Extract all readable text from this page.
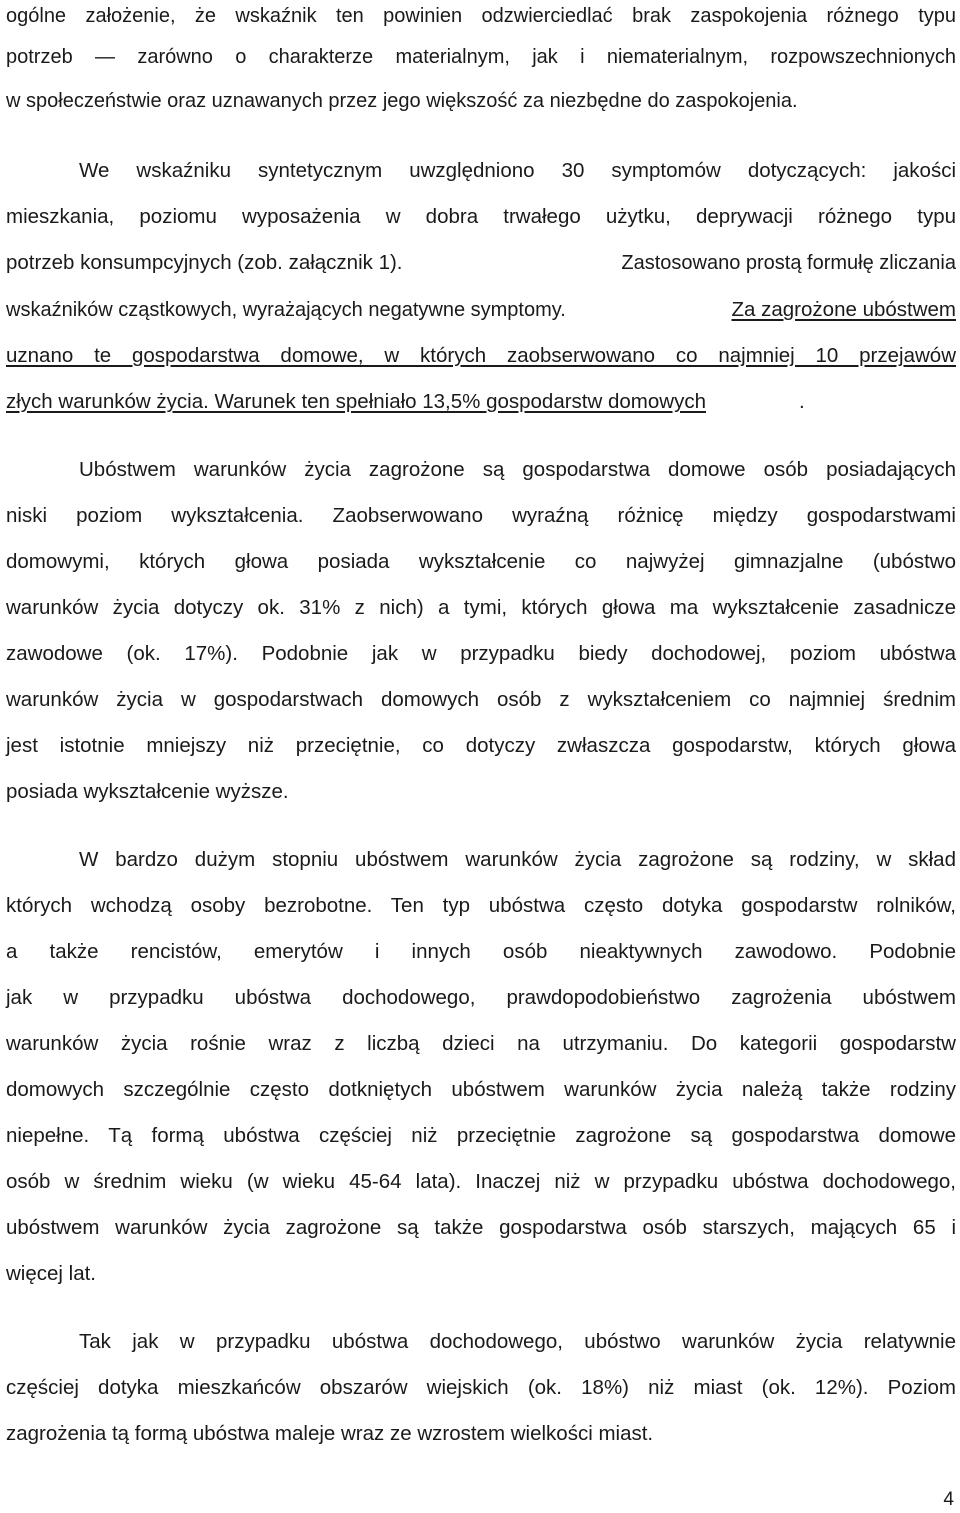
ogólne założenie, że wskaźnik ten powinien odzwierciedlać brak zaspokojenia różnego typu
potrzeb — zarówno o charakterze materialnym, jak i niematerialnym, rozpowszechnionych
w społeczeństwie oraz uznawanych przez jego większość za niezbędne do zaspokojenia.
We wskaźniku syntetycznym uwzględniono 30 symptomów dotyczących: jakości
mieszkania, poziomu wyposażenia w dobra trwałego użytku, deprywacji różnego typu
potrzeb konsumpcyjnych (zob. załącznik 1).	Zastosowano prostą formułę zliczania
wskaźników cząstkowych, wyrażających negatywne symptomy.	Za zagrożone ubóstwem
uznano te gospodarstwa domowe, w których zaobserwowano co najmniej 10 przejawów
złych warunków życia. Warunek ten spełniało 13,5% gospodarstw domowych	.
Ubóstwem warunków życia zagrożone są gospodarstwa domowe osób posiadających
niski poziom wykształcenia. Zaobserwowano wyraźną różnicę między gospodarstwami
domowymi, których głowa posiada wykształcenie co najwyżej gimnazjalne (ubóstwo
warunków życia dotyczy ok. 31% z nich) a tymi, których głowa ma wykształcenie zasadnicze
zawodowe (ok. 17%). Podobnie jak w przypadku biedy dochodowej, poziom ubóstwa
warunków życia w gospodarstwach domowych osób z wykształceniem co najmniej średnim
jest istotnie mniejszy niż przeciętnie, co dotyczy zwłaszcza gospodarstw, których głowa
posiada wykształcenie wyższe.
W bardzo dużym stopniu ubóstwem warunków życia zagrożone są rodziny, w skład
których wchodzą osoby bezrobotne. Ten typ ubóstwa często dotyka gospodarstw rolników,
a także rencistów, emerytów i innych osób nieaktywnych zawodowo. Podobnie
jak w przypadku ubóstwa dochodowego, prawdopodobieństwo zagrożenia ubóstwem
warunków życia rośnie wraz z liczbą dzieci na utrzymaniu. Do kategorii gospodarstw
domowych szczególnie często dotkniętych ubóstwem warunków życia należą także rodziny
niepełne. Tą formą ubóstwa częściej niż przeciętnie zagrożone są gospodarstwa domowe
osób w średnim wieku (w wieku 45-64 lata). Inaczej niż w przypadku ubóstwa dochodowego,
ubóstwem warunków życia zagrożone są także gospodarstwa osób starszych, mających 65 i
więcej lat.
Tak jak w przypadku ubóstwa dochodowego, ubóstwo warunków życia relatywnie
częściej dotyka mieszkańców obszarów wiejskich (ok. 18%) niż miast (ok. 12%). Poziom
zagrożenia tą formą ubóstwa maleje wraz ze wzrostem wielkości miast.
4
